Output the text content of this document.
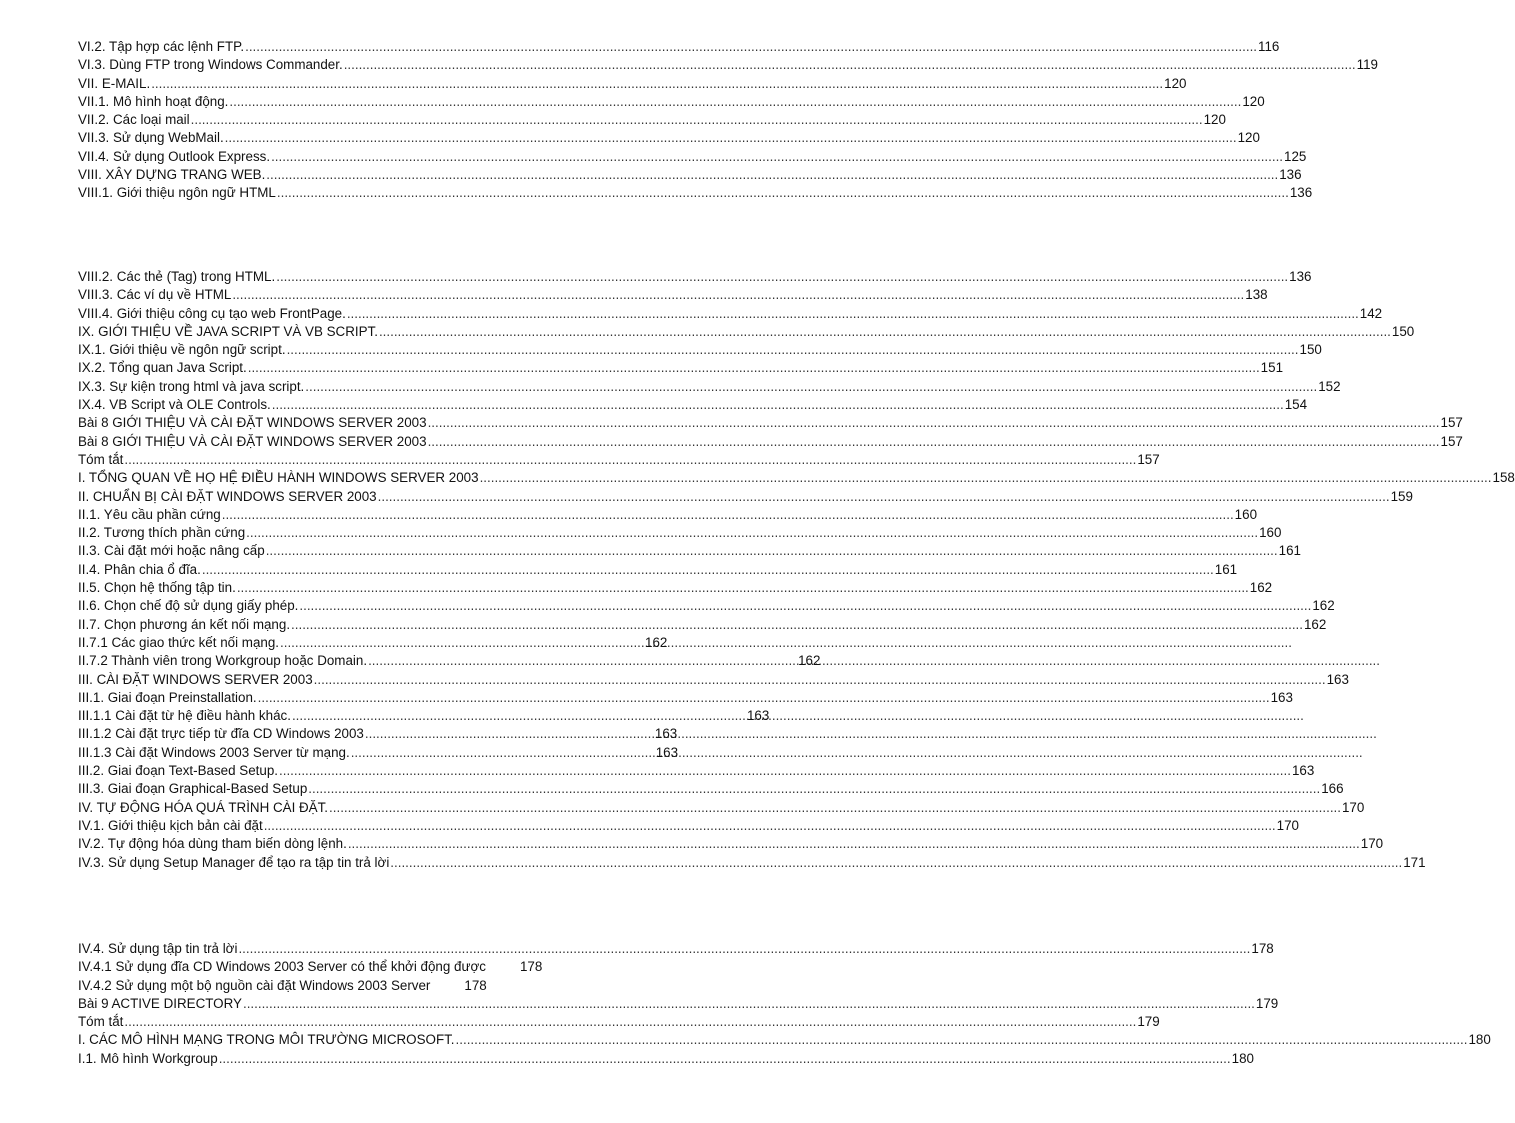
VI.2. Tập hợp các lệnh FTP. .....	116
VI.3. Dùng FTP trong Windows Commander. .....	119
VII. E-MAIL. .....	120
VII.1. Mô hình hoạt động. .....	120
VII.2. Các loại mail .....	120
VII.3. Sử dụng WebMail. .....	120
VII.4. Sử dụng Outlook Express. .....	125
VIII. XÂY DỰNG TRANG WEB. .....	136
VIII.1. Giới thiệu ngôn ngữ HTML .....	136
VIII.2. Các thẻ (Tag) trong HTML. .....	136
VIII.3. Các ví dụ về HTML .....	138
VIII.4. Giới thiệu công cụ tạo web FrontPage. .....	142
IX. GIỚI THIỆU VỀ JAVA SCRIPT VÀ VB SCRIPT. .....	150
IX.1. Giới thiệu về ngôn ngữ script. .....	150
IX.2. Tổng quan Java Script. .....	151
IX.3. Sự kiện trong html và java script. .....	152
IX.4. VB Script và OLE Controls. .....	154
Bài 8 GIỚI THIỆU VÀ CÀI ĐẶT WINDOWS SERVER 2003 .....	157
Bài 8 GIỚI THIỆU VÀ CÀI ĐẶT WINDOWS SERVER 2003 .....	157
Tóm tắt .....	157
I. TỔNG QUAN VỀ HỌ HỆ ĐIỀU HÀNH WINDOWS SERVER 2003 .....	158
II. CHUẨN BỊ CÀI ĐẶT WINDOWS SERVER 2003 .....	159
II.1. Yêu cầu phần cứng .....	160
II.2. Tương thích phần cứng .....	160
II.3. Cài đặt mới hoặc nâng cấp .....	161
II.4. Phân chia ổ đĩa. .....	161
II.5. Chọn hệ thống tập tin. .....	162
II.6. Chọn chế độ sử dụng giấy phép. .....	162
II.7. Chọn phương án kết nối mạng. .....	162
II.7.1 Các giao thức kết nối mạng. .....	162
II.7.2 Thành viên trong Workgroup hoặc Domain. .....	162
III. CÀI ĐẶT WINDOWS SERVER 2003 .....	163
III.1. Giai đoạn Preinstallation. .....	163
III.1.1 Cài đặt từ hệ điều hành khác. .....	163
III.1.2 Cài đặt trực tiếp từ đĩa CD Windows 2003 .....	163
III.1.3 Cài đặt Windows 2003 Server từ mạng. .....	163
III.2. Giai đoạn Text-Based Setup. .....	163
III.3. Giai đoạn Graphical-Based Setup .....	166
IV. TỰ ĐỘNG HÓA QUÁ TRÌNH CÀI ĐẶT. .....	170
IV.1. Giới thiệu kịch bản cài đặt .....	170
IV.2. Tự động hóa dùng tham biến dòng lệnh. .....	170
IV.3. Sử dụng Setup Manager để tạo ra tập tin trả lời .....	171
IV.4. Sử dụng tập tin trả lời .....	178
IV.4.1 Sử dụng đĩa CD Windows 2003 Server có thể khởi động được	178
IV.4.2 Sử dụng một bộ nguồn cài đặt Windows 2003 Server	178
Bài 9 ACTIVE DIRECTORY .....	179
Tóm tắt .....	179
I. CÁC MÔ HÌNH MẠNG TRONG MÔI TRƯỜNG MICROSOFT. .....	180
I.1. Mô hình Workgroup .....	180
